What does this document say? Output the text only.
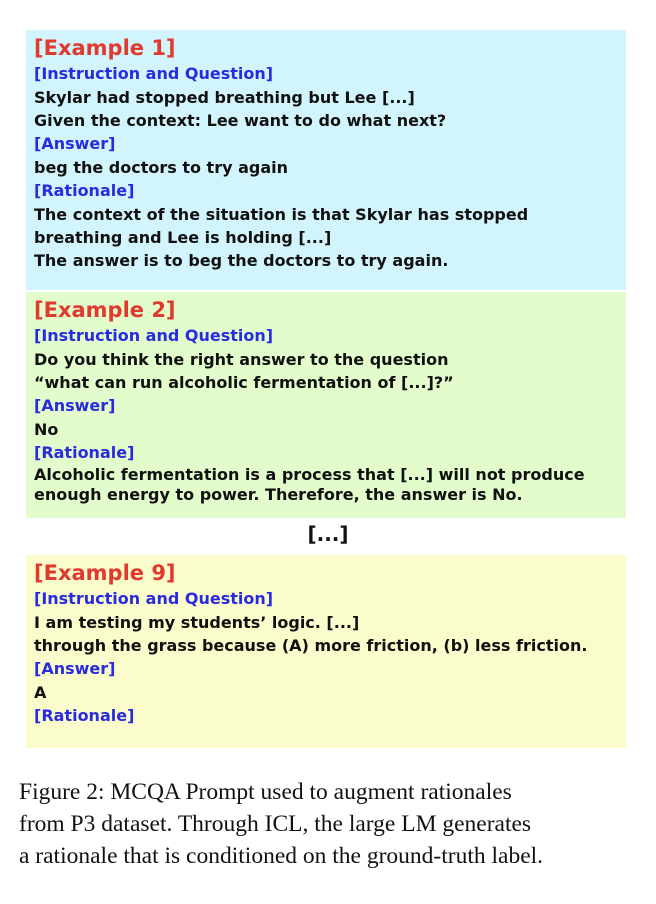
[Example 1]
[Instruction and Question]
Skylar had stopped breathing but Lee [...]
Given the context: Lee want to do what next?
[Answer]
beg the doctors to try again
[Rationale]
The context of the situation is that Skylar has stopped
breathing and Lee is holding [...]
The answer is to beg the doctors to try again.
[Example 2]
[Instruction and Question]
Do you think the right answer to the question
“what can run alcoholic fermentation of [...]?”
[Answer]
No
[Rationale]
Alcoholic fermentation is a process that [...] will not produce
enough energy to power. Therefore, the answer is No.
[...]
[Example 9]
[Instruction and Question]
I am testing my students’ logic. [...]
through the grass because (A) more friction, (b) less friction.
[Answer]
A
[Rationale]
Figure 2: MCQA Prompt used to augment rationales
from P3 dataset. Through ICL, the large LM generates
a rationale that is conditioned on the ground-truth label.
